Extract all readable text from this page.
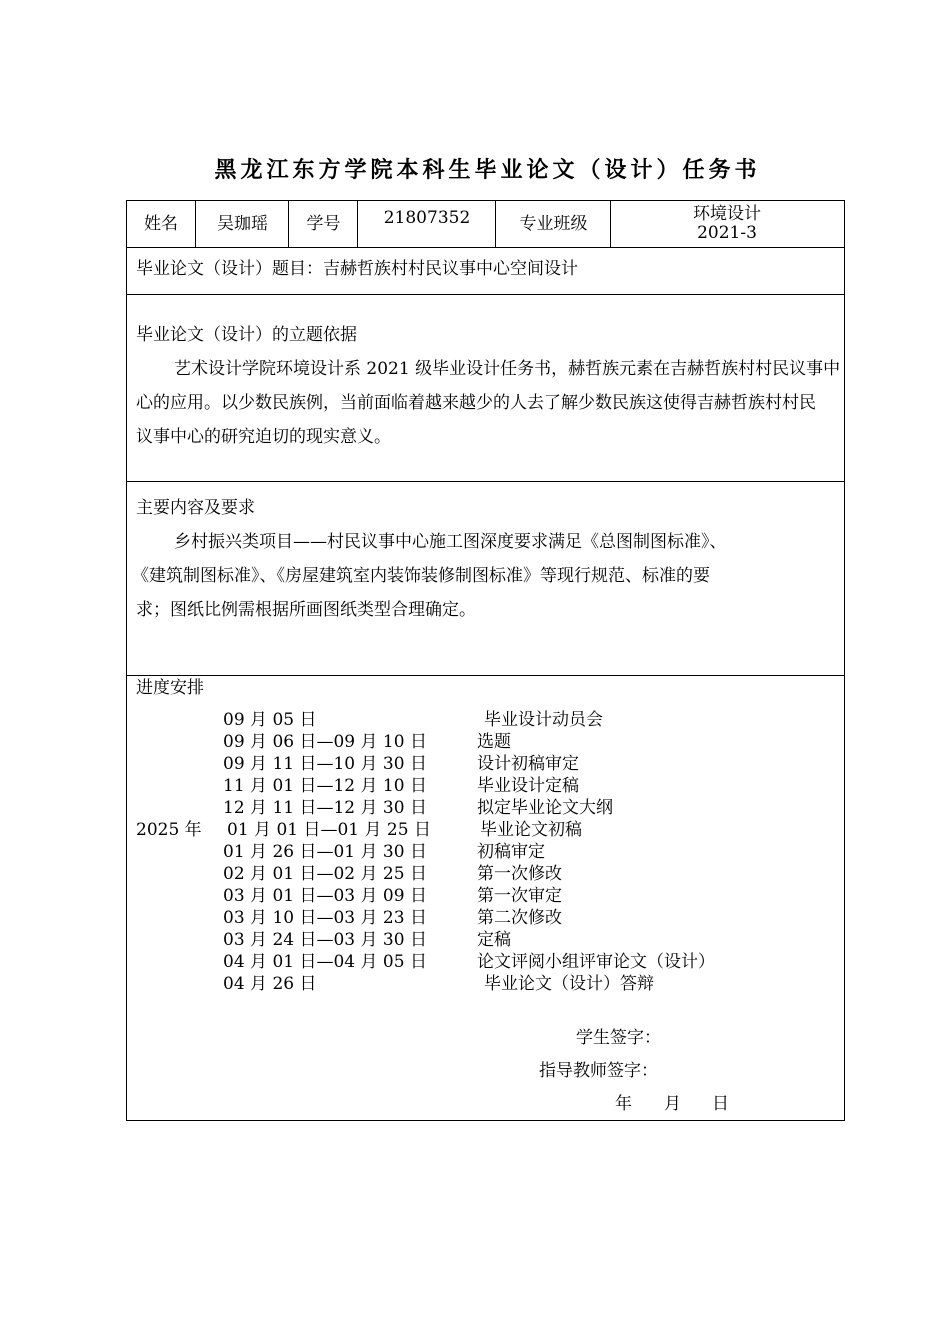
黑龙江东方学院本科生毕业论文（设计）任务书
姓名	吴珈瑶	学号	21807352	专业班级	环境设计
2021-3
毕业论文（设计）题目：吉赫哲族村村民议事中心空间设计
毕业论文（设计）的立题依据
艺术设计学院环境设计系 2021 级毕业设计任务书，赫哲族元素在吉赫哲族村村民议事中
心的应用。以少数民族例，当前面临着越来越少的人去了解少数民族这使得吉赫哲族村村民
议事中心的研究迫切的现实意义。
主要内容及要求
乡村振兴类项目——村民议事中心施工图深度要求满足《总图制图标准》、
《建筑制图标准》、《房屋建筑室内装饰装修制图标准》等现行规范、标准的要
求；图纸比例需根据所画图纸类型合理确定。
进度安排
2025 年
09 月 05 日	毕业设计动员会
09 月 06 日—09 月 10 日	选题
09 月 11 日—10 月 30 日	设计初稿审定
11 月 01 日—12 月 10 日	毕业设计定稿
12 月 11 日—12 月 30 日	拟定毕业论文大纲
01 月 01 日—01 月 25 日	毕业论文初稿
01 月 26 日—01 月 30 日	初稿审定
02 月 01 日—02 月 25 日	第一次修改
03 月 01 日—03 月 09 日	第一次审定
03 月 10 日—03 月 23 日	第二次修改
03 月 24 日—03 月 30 日	定稿
04 月 01 日—04 月 05 日	论文评阅小组评审论文（设计）
04 月 26 日	毕业论文（设计）答辩
学生签字：
指导教师签字：
年 月 日
